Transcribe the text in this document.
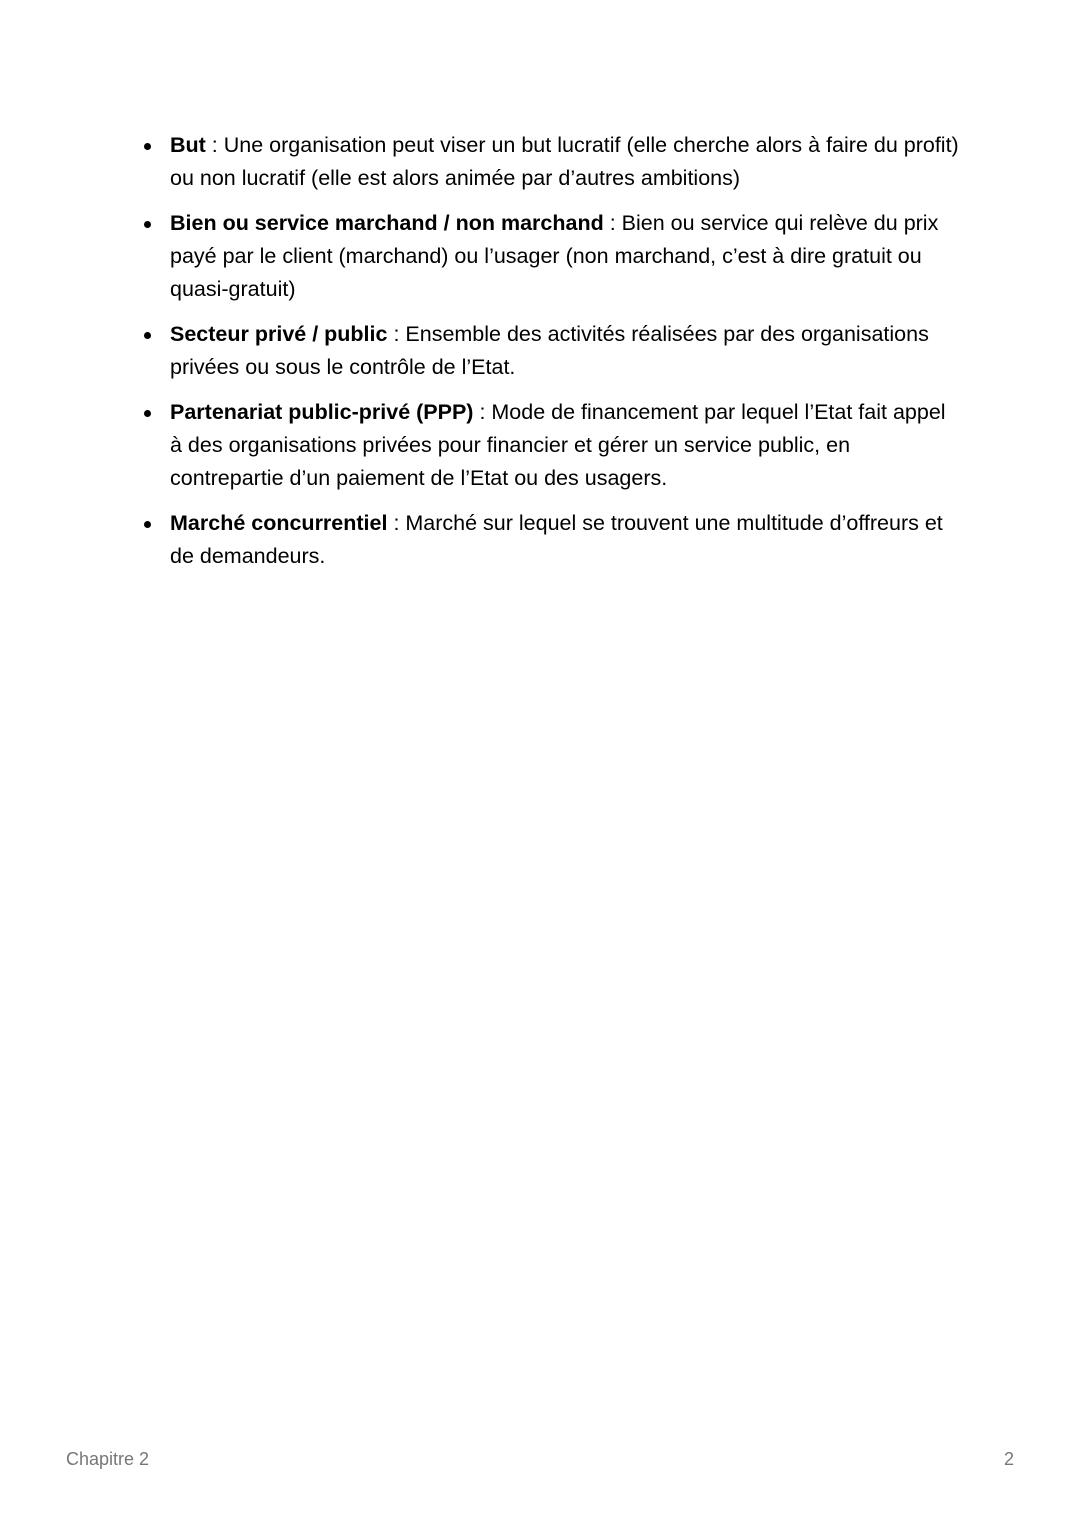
But : Une organisation peut viser un but lucratif (elle cherche alors à faire du profit) ou non lucratif (elle est alors animée par d’autres ambitions)
Bien ou service marchand / non marchand : Bien ou service qui relève du prix payé par le client (marchand) ou l’usager (non marchand, c’est à dire gratuit ou quasi-gratuit)
Secteur privé / public : Ensemble des activités réalisées par des organisations privées ou sous le contrôle de l’Etat.
Partenariat public-privé (PPP) : Mode de financement par lequel l’Etat fait appel à des organisations privées pour financier et gérer un service public, en contrepartie d’un paiement de l’Etat ou des usagers.
Marché concurrentiel : Marché sur lequel se trouvent une multitude d’offreurs et de demandeurs.
Chapitre 2	2
